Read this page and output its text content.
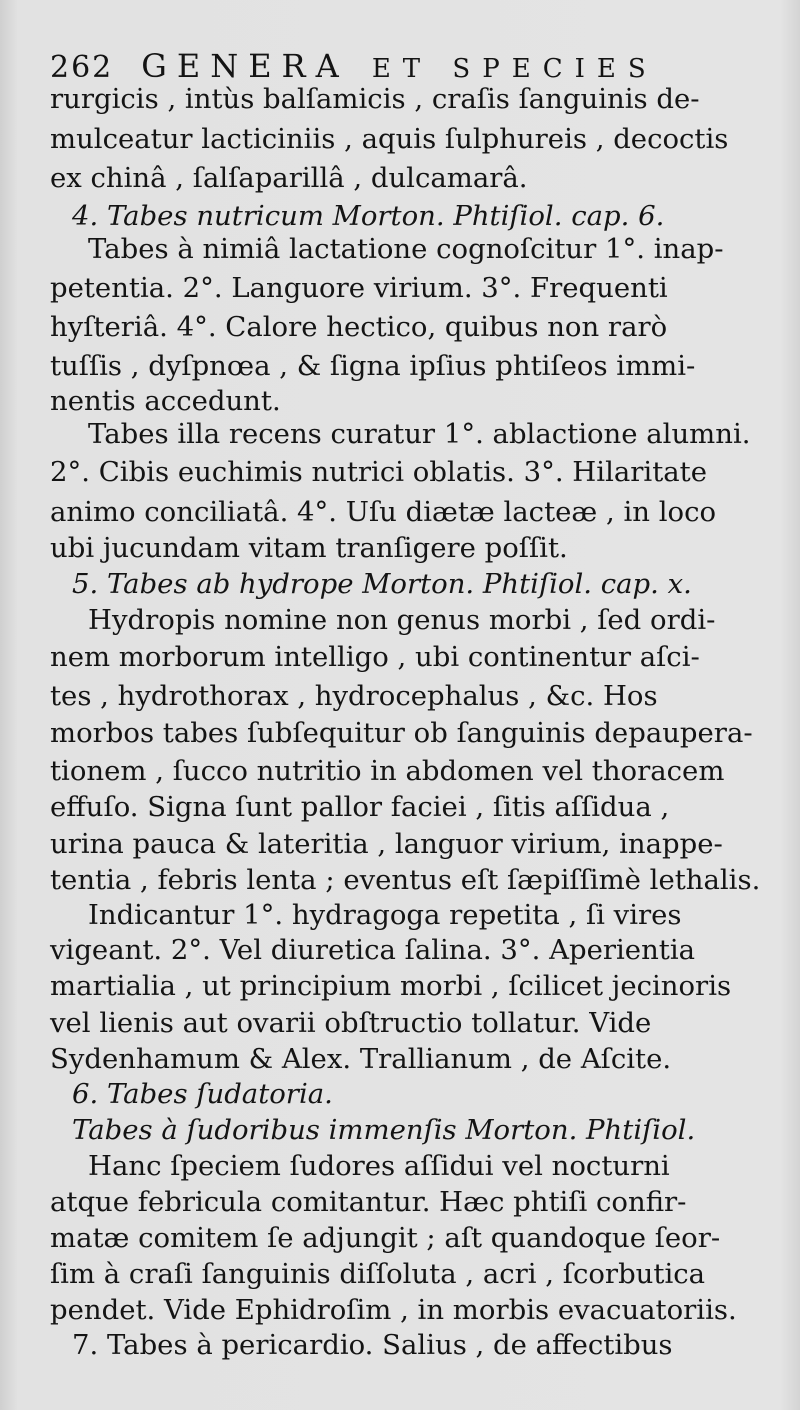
262 GENERA ET SPECIES
rurgicis , intùs balſamicis , craſis ſanguinis de-
mulceatur lacticiniis , aquis ſulphureis , decoctis
ex chinâ , ſalſaparillâ , dulcamarâ.
4. Tabes nutricum Morton. Phtiſiol. cap. 6.
Tabes à nimiâ lactatione cognoſcitur 1°. inap-
petentia. 2°. Languore virium. 3°. Frequenti
hyſteriâ. 4°. Calore hectico, quibus non rarò
tuſſis , dyſpnœa , & ſigna ipſius phtiſeos immi-
nentis accedunt.
Tabes illa recens curatur 1°. ablactione alumni.
2°. Cibis euchimis nutrici oblatis. 3°. Hilaritate
animo conciliatâ. 4°. Uſu diætæ lacteæ , in loco
ubi jucundam vitam tranſigere poſſit.
5. Tabes ab hydrope Morton. Phtiſiol. cap. x.
Hydropis nomine non genus morbi , ſed ordi-
nem morborum intelligo , ubi continentur aſci-
tes , hydrothorax , hydrocephalus , &c. Hos
morbos tabes ſubſequitur ob ſanguinis depaupera-
tionem , ſucco nutritio in abdomen vel thoracem
effuſo. Signa ſunt pallor faciei , ſitis aſſidua ,
urina pauca & lateritia , languor virium, inappe-
tentia , febris lenta ; eventus eſt ſæpiſſimè lethalis.
Indicantur 1°. hydragoga repetita , ſi vires
vigeant. 2°. Vel diuretica ſalina. 3°. Aperientia
martialia , ut principium morbi , ſcilicet jecinoris
vel lienis aut ovarii obſtructio tollatur. Vide
Sydenhamum & Alex. Trallianum , de Aſcite.
6. Tabes ſudatoria.
Tabes à ſudoribus immenſis Morton. Phtiſiol.
Hanc ſpeciem ſudores aſſidui vel nocturni
atque febricula comitantur. Hæc phtiſi confir-
matæ comitem ſe adjungit ; aſt quandoque ſeor-
ſim à craſi ſanguinis diſſoluta , acri , ſcorbutica
pendet. Vide Ephidroſim , in morbis evacuatoriis.
7. Tabes à pericardio. Salius , de affectibus
